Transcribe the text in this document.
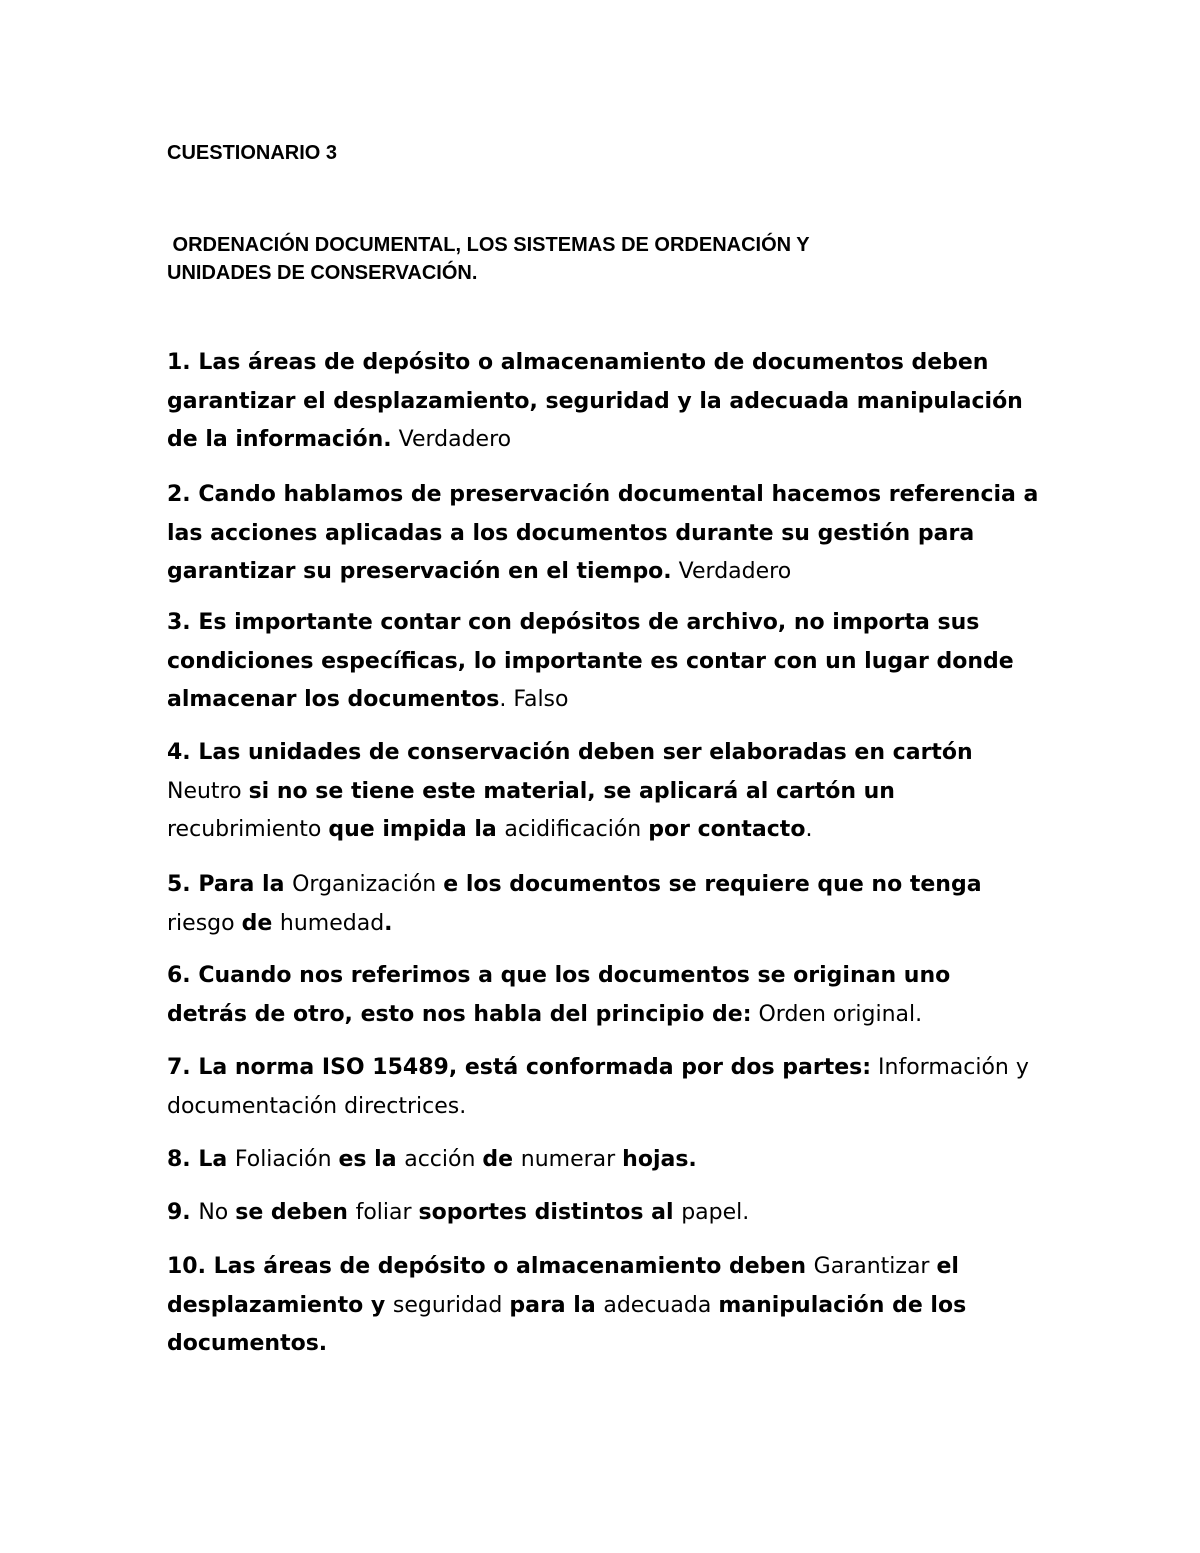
CUESTIONARIO 3
ORDENACIÓN DOCUMENTAL, LOS SISTEMAS DE ORDENACIÓN Y
UNIDADES DE CONSERVACIÓN.
1. Las áreas de depósito o almacenamiento de documentos deben
garantizar el desplazamiento, seguridad y la adecuada manipulación
de la información. Verdadero
2. Cando hablamos de preservación documental hacemos referencia a
las acciones aplicadas a los documentos durante su gestión para
garantizar su preservación en el tiempo. Verdadero
3. Es importante contar con depósitos de archivo, no importa sus
condiciones específicas, lo importante es contar con un lugar donde
almacenar los documentos. Falso
4. Las unidades de conservación deben ser elaboradas en cartón
Neutro si no se tiene este material, se aplicará al cartón un
recubrimiento que impida la acidificación por contacto.
5. Para la Organización e los documentos se requiere que no tenga
riesgo de humedad.
6. Cuando nos referimos a que los documentos se originan uno
detrás de otro, esto nos habla del principio de: Orden original.
7. La norma ISO 15489, está conformada por dos partes: Información y
documentación directrices.
8. La Foliación es la acción de numerar hojas.
9. No se deben foliar soportes distintos al papel.
10. Las áreas de depósito o almacenamiento deben Garantizar el
desplazamiento y seguridad para la adecuada manipulación de los
documentos.
